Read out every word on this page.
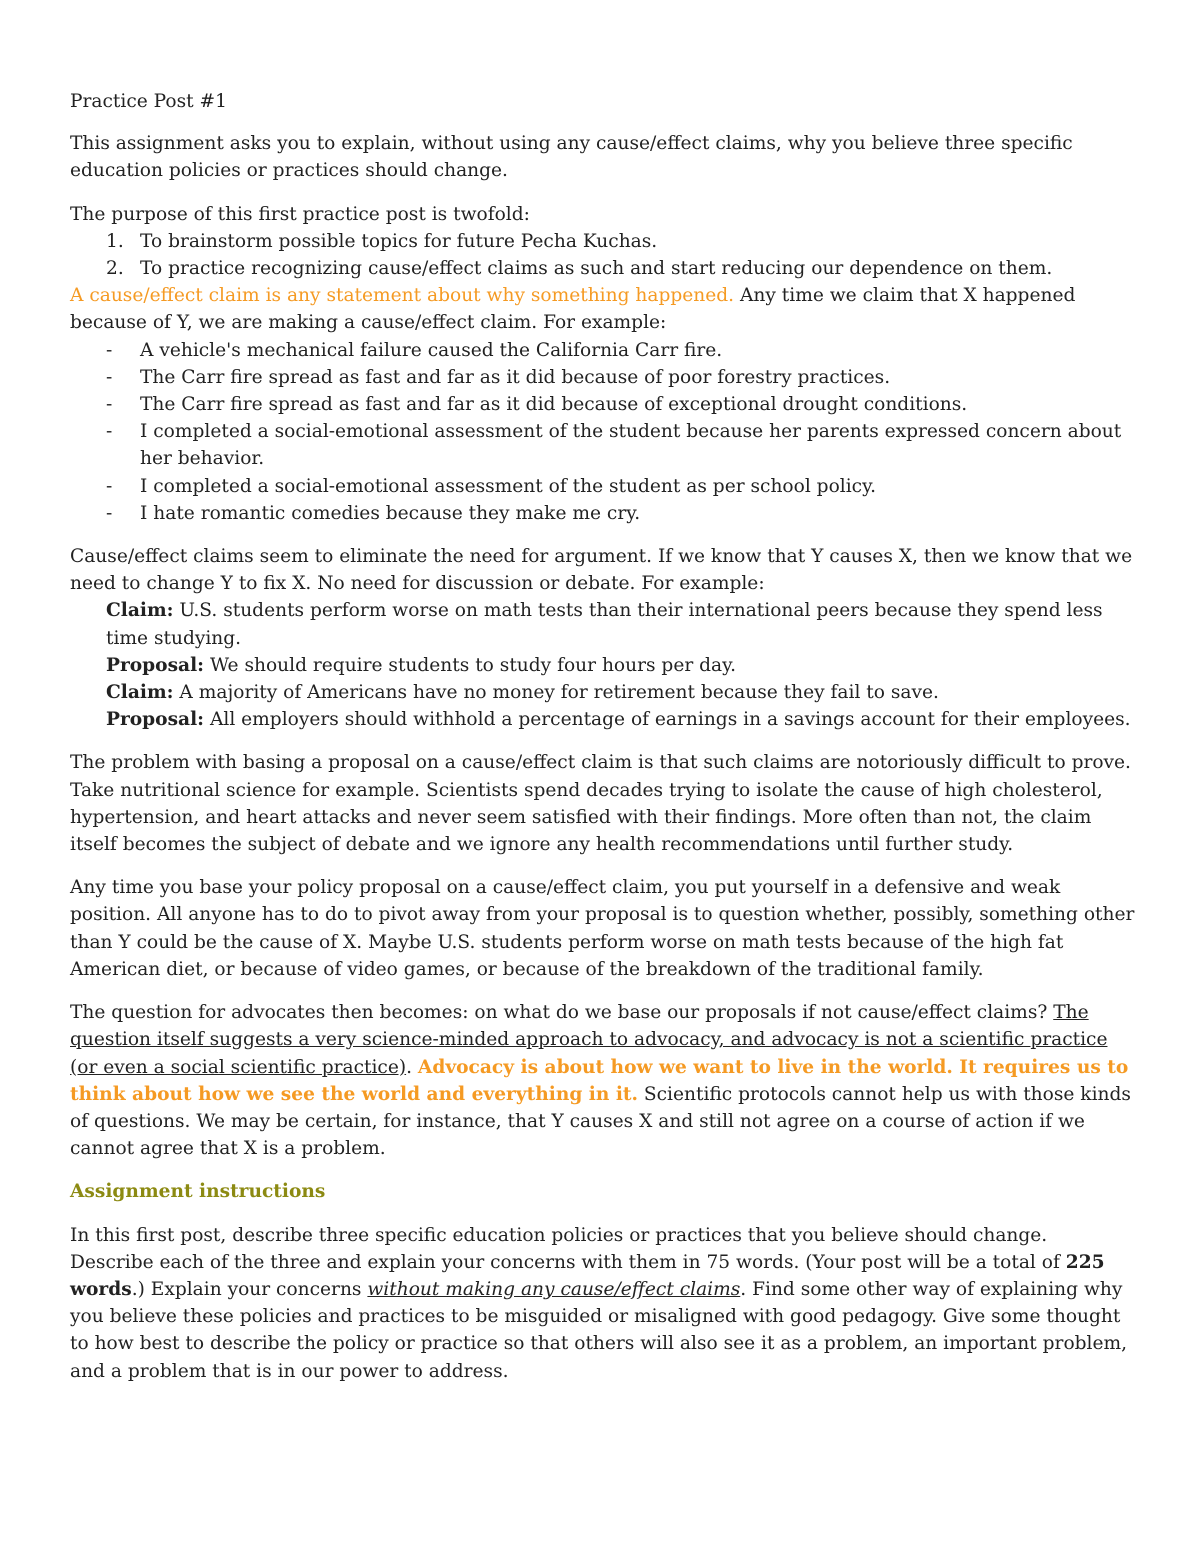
Practice Post #1

This assignment asks you to explain, without using any cause/effect claims, why you believe three specific education policies or practices should change.

The purpose of this first practice post is twofold:

1. To brainstorm possible topics for future Pecha Kuchas.
2. To practice recognizing cause/effect claims as such and start reducing our dependence on them.

A cause/effect claim is any statement about why something happened. Any time we claim that X happened because of Y, we are making a cause/effect claim. For example:

- A vehicle's mechanical failure caused the California Carr fire.
- The Carr fire spread as fast and far as it did because of poor forestry practices.
- The Carr fire spread as fast and far as it did because of exceptional drought conditions.
- I completed a social-emotional assessment of the student because her parents expressed concern about her behavior.
- I completed a social-emotional assessment of the student as per school policy.
- I hate romantic comedies because they make me cry.

Cause/effect claims seem to eliminate the need for argument. If we know that Y causes X, then we know that we need to change Y to fix X. No need for discussion or debate. For example:

Claim: U.S. students perform worse on math tests than their international peers because they spend less time studying.

Proposal: We should require students to study four hours per day.

Claim: A majority of Americans have no money for retirement because they fail to save.

Proposal: All employers should withhold a percentage of earnings in a savings account for their employees.

The problem with basing a proposal on a cause/effect claim is that such claims are notoriously difficult to prove. Take nutritional science for example. Scientists spend decades trying to isolate the cause of high cholesterol, hypertension, and heart attacks and never seem satisfied with their findings. More often than not, the claim itself becomes the subject of debate and we ignore any health recommendations until further study.

Any time you base your policy proposal on a cause/effect claim, you put yourself in a defensive and weak position. All anyone has to do to pivot away from your proposal is to question whether, possibly, something other than Y could be the cause of X. Maybe U.S. students perform worse on math tests because of the high fat American diet, or because of video games, or because of the breakdown of the traditional family.

The question for advocates then becomes: on what do we base our proposals if not cause/effect claims? The question itself suggests a very science-minded approach to advocacy, and advocacy is not a scientific practice (or even a social scientific practice). Advocacy is about how we want to live in the world. It requires us to think about how we see the world and everything in it. Scientific protocols cannot help us with those kinds of questions. We may be certain, for instance, that Y causes X and still not agree on a course of action if we cannot agree that X is a problem.

Assignment instructions

In this first post, describe three specific education policies or practices that you believe should change. Describe each of the three and explain your concerns with them in 75 words. (Your post will be a total of 225 words.) Explain your concerns without making any cause/effect claims. Find some other way of explaining why you believe these policies and practices to be misguided or misaligned with good pedagogy. Give some thought to how best to describe the policy or practice so that others will also see it as a problem, an important problem, and a problem that is in our power to address.
